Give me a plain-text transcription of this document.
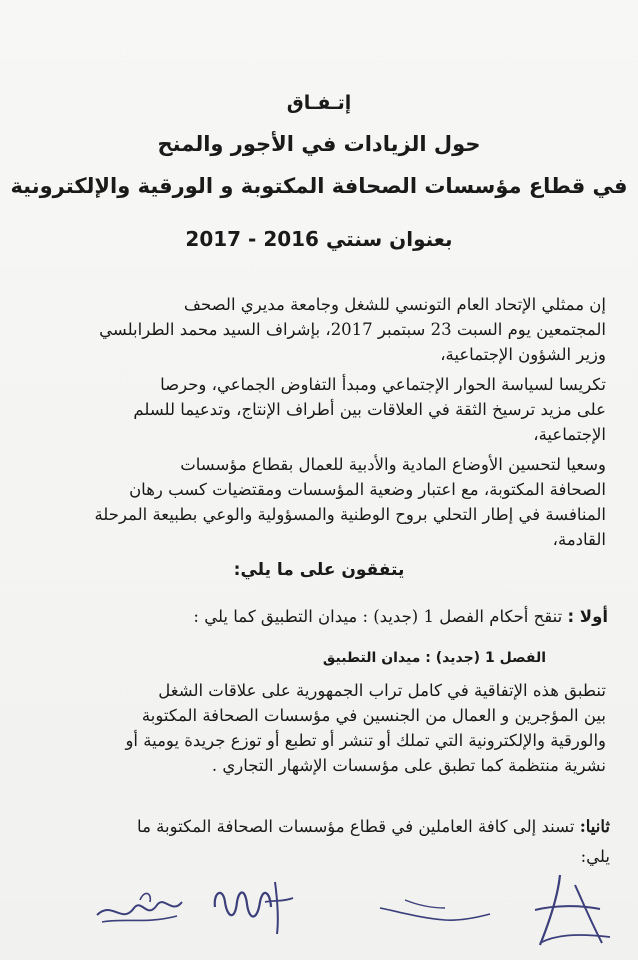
إتـفـاق
حول الزيادات في الأجور والمنح
في قطاع مؤسسات الصحافة المكتوبة و الورقية والإلكترونية
بعنوان سنتي 2016 - 2017
إن ممثلي الإتحاد العام التونسي للشغل وجامعة مديري الصحف
المجتمعين يوم السبت 23 سبتمبر 2017، بإشراف السيد محمد الطرابلسي
وزير الشؤون الإجتماعية،
تكريسا لسياسة الحوار الإجتماعي ومبدأ التفاوض الجماعي، وحرصا
على مزيد ترسيخ الثقة في العلاقات بين أطراف الإنتاج، وتدعيما للسلم
الإجتماعية،
وسعيا لتحسين الأوضاع المادية والأدبية للعمال بقطاع مؤسسات
الصحافة المكتوبة، مع اعتبار وضعية المؤسسات ومقتضيات كسب رهان
المنافسة في إطار التحلي بروح الوطنية والمسؤولية والوعي بطبيعة المرحلة
القادمة،
يتفقون على ما يلي:
أولا : تنقح أحكام الفصل 1 (جديد) : ميدان التطبيق كما يلي :
الفصل 1 (جديد) : ميدان التطبيق
تنطبق هذه الإتفاقية في كامل تراب الجمهورية على علاقات الشغل
بين المؤجرين و العمال من الجنسين في مؤسسات الصحافة المكتوبة
والورقية والإلكترونية التي تملك أو تنشر أو تطبع أو توزع جريدة يومية أو
نشرية منتظمة كما تطبق على مؤسسات الإشهار التجاري .
ثانيا: تسند إلى كافة العاملين في قطاع مؤسسات الصحافة المكتوبة ما
يلي:
